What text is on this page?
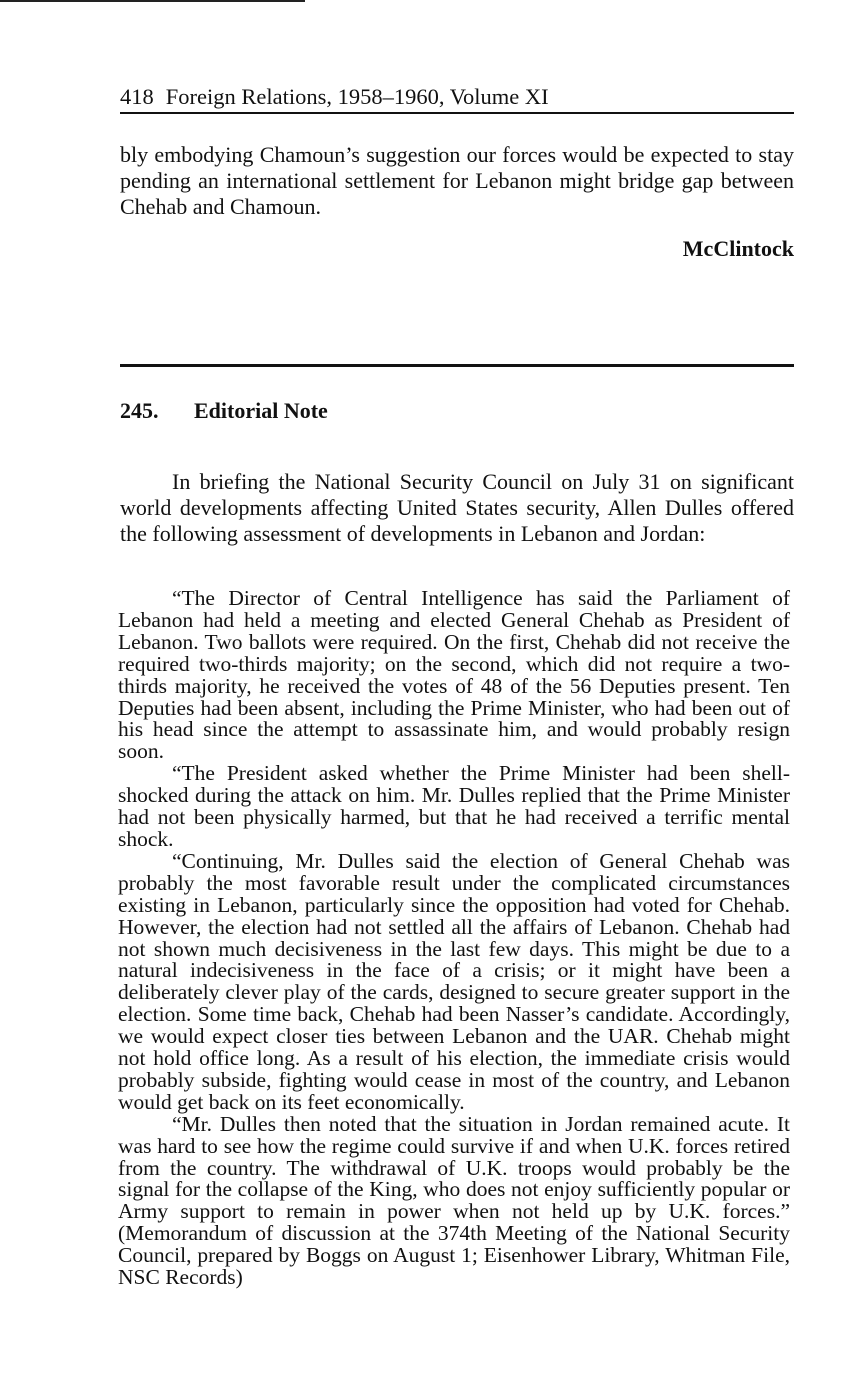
418 Foreign Relations, 1958–1960, Volume XI

bly embodying Chamoun’s suggestion our forces would be expected to stay pending an international settlement for Lebanon might bridge gap between Chehab and Chamoun.

McClintock
245. Editorial Note

In briefing the National Security Council on July 31 on significant world developments affecting United States security, Allen Dulles offered the following assessment of developments in Lebanon and Jordan:

“The Director of Central Intelligence has said the Parliament of Lebanon had held a meeting and elected General Chehab as President of Lebanon. Two ballots were required. On the first, Chehab did not receive the required two-thirds majority; on the second, which did not require a two-thirds majority, he received the votes of 48 of the 56 Deputies present. Ten Deputies had been absent, including the Prime Minister, who had been out of his head since the attempt to assassinate him, and would probably resign soon.

“The President asked whether the Prime Minister had been shell-shocked during the attack on him. Mr. Dulles replied that the Prime Minister had not been physically harmed, but that he had received a terrific mental shock.

“Continuing, Mr. Dulles said the election of General Chehab was probably the most favorable result under the complicated circumstances existing in Lebanon, particularly since the opposition had voted for Chehab. However, the election had not settled all the affairs of Lebanon. Chehab had not shown much decisiveness in the last few days. This might be due to a natural indecisiveness in the face of a crisis; or it might have been a deliberately clever play of the cards, designed to secure greater support in the election. Some time back, Chehab had been Nasser’s candidate. Accordingly, we would expect closer ties between Lebanon and the UAR. Chehab might not hold office long. As a result of his election, the immediate crisis would probably subside, fighting would cease in most of the country, and Lebanon would get back on its feet economically.

“Mr. Dulles then noted that the situation in Jordan remained acute. It was hard to see how the regime could survive if and when U.K. forces retired from the country. The withdrawal of U.K. troops would probably be the signal for the collapse of the King, who does not enjoy sufficiently popular or Army support to remain in power when not held up by U.K. forces.” (Memorandum of discussion at the 374th Meeting of the National Security Council, prepared by Boggs on August 1; Eisenhower Library, Whitman File, NSC Records)
